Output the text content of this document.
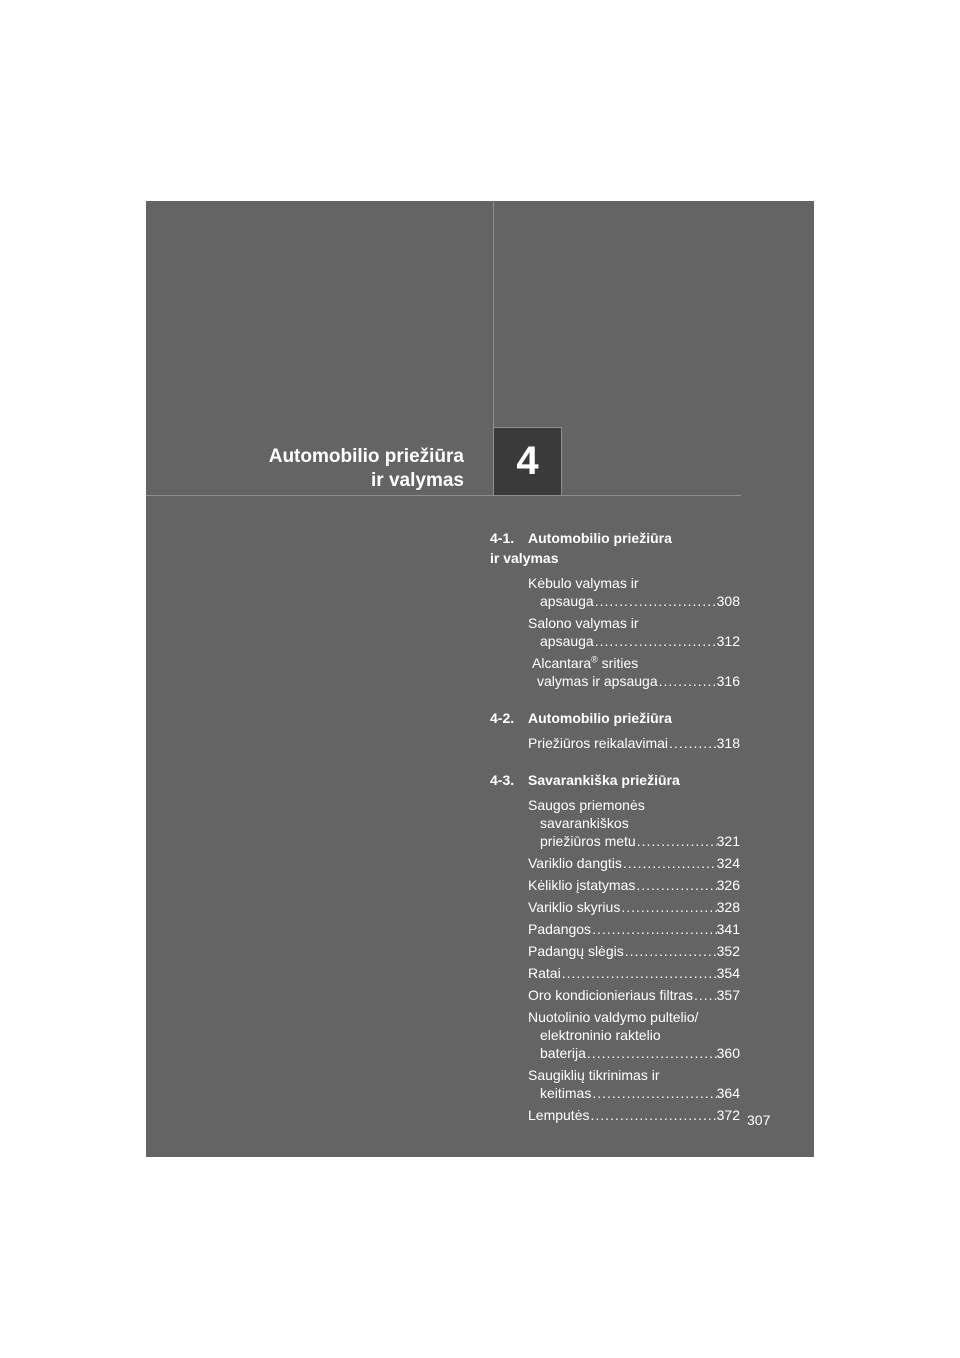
Automobilio priežiūra
ir valymas 4
4-1. Automobilio priežiūra
ir valymas
Kėbulo valymas ir
apsauga .....	308
Salono valymas ir
apsauga .....	312
Alcantara® srities
valymas ir apsauga .....	316
4-2. Automobilio priežiūra
Priežiūros reikalavimai .....	318
4-3. Savarankiška priežiūra
Saugos priemonės
savarankiškos
priežiūros metu .....	321
Variklio dangtis .....	324
Kėliklio įstatymas .....	326
Variklio skyrius .....	328
Padangos .....	341
Padangų slėgis .....	352
Ratai .....	354
Oro kondicionieriaus filtras ..... 357
Nuotolinio valdymo pultelio/
elektroninio raktelio
baterija .....	360
Saugiklių tikrinimas ir
keitimas .....	364
Lemputės .....	372 307
